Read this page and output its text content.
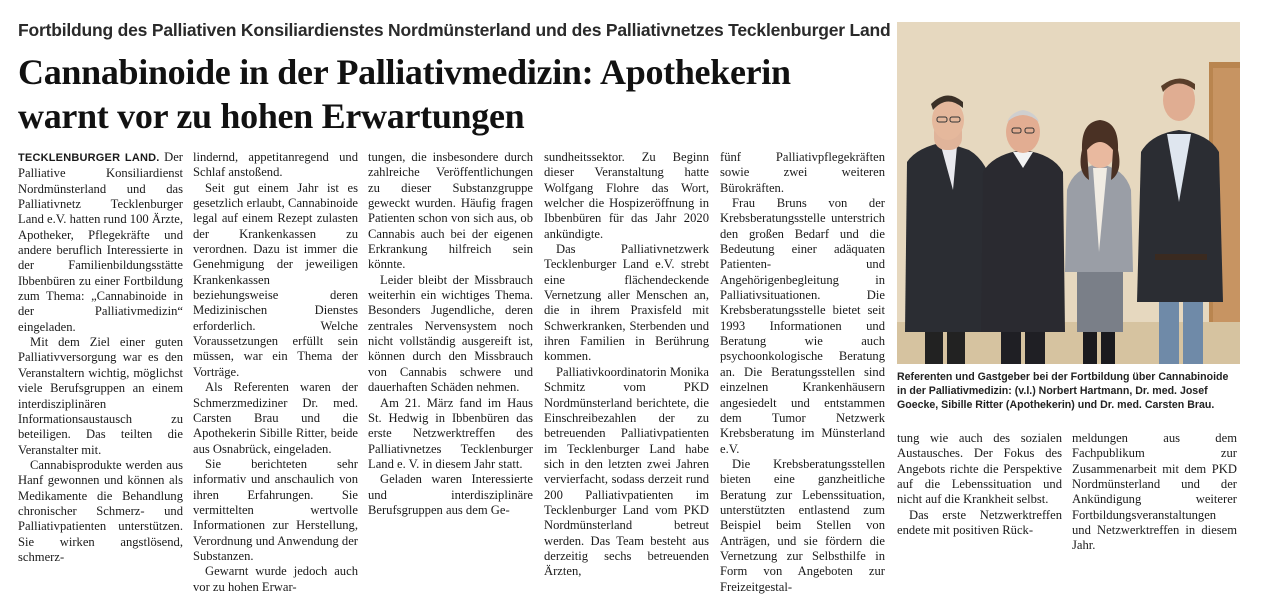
Fortbildung des Palliativen Konsiliardienstes Nordmünsterland und des Palliativnetzes Tecklenburger Land
Cannabinoide in der Palliativmedizin: Apothekerin
warnt vor zu hohen Erwartungen

TECKLENBURGER LAND. Der Palliative Konsiliardienst Nordmünsterland und das Palliativnetz Tecklenburger Land e.V. hatten rund 100 Ärzte, Apotheker, Pflegekräfte und andere beruflich Interessierte in der Familienbildungsstätte Ibbenbüren zu einer Fortbildung zum Thema: „Cannabinoide in der Palliativmedizin“ eingeladen.

Mit dem Ziel einer guten Palliativversorgung war es den Veranstaltern wichtig, möglichst viele Berufsgruppen an einem interdisziplinären Informationsaustausch zu beteiligen. Das teilten die Veranstalter mit.

Cannabisprodukte werden aus Hanf gewonnen und können als Medikamente die Behandlung chronischer Schmerz- und Palliativpatienten unterstützen. Sie wirken angstlösend, schmerz-

lindernd, appetitanregend und Schlaf anstoßend.

Seit gut einem Jahr ist es gesetzlich erlaubt, Cannabinoide legal auf einem Rezept zulasten der Krankenkassen zu verordnen. Dazu ist immer die Genehmigung der jeweiligen Krankenkassen beziehungsweise deren Medizinischen Dienstes erforderlich. Welche Voraussetzungen erfüllt sein müssen, war ein Thema der Vorträge.

Als Referenten waren der Schmerzmediziner Dr. med. Carsten Brau und die Apothekerin Sibille Ritter, beide aus Osnabrück, eingeladen.

Sie berichteten sehr informativ und anschaulich von ihren Erfahrungen. Sie vermittelten wertvolle Informationen zur Herstellung, Verordnung und Anwendung der Substanzen.

Gewarnt wurde jedoch auch vor zu hohen Erwar-

tungen, die insbesondere durch zahlreiche Veröffentlichungen zu dieser Substanzgruppe geweckt wurden. Häufig fragen Patienten schon von sich aus, ob Cannabis auch bei der eigenen Erkrankung hilfreich sein könnte.

Leider bleibt der Missbrauch weiterhin ein wichtiges Thema. Besonders Jugendliche, deren zentrales Nervensystem noch nicht vollständig ausgereift ist, können durch den Missbrauch von Cannabis schwere und dauerhaften Schäden nehmen.

Am 21. März fand im Haus St. Hedwig in Ibbenbüren das erste Netzwerktreffen des Palliativnetzes Tecklenburger Land e. V. in diesem Jahr statt.

Geladen waren Interessierte und interdisziplinäre Berufsgruppen aus dem Ge-

sundheitssektor. Zu Beginn dieser Veranstaltung hatte Wolfgang Flohre das Wort, welcher die Hospizeröffnung in Ibbenbüren für das Jahr 2020 ankündigte.

Das Palliativnetzwerk Tecklenburger Land e.V. strebt eine flächendeckende Vernetzung aller Menschen an, die in ihrem Praxisfeld mit Schwerkranken, Sterbenden und ihren Familien in Berührung kommen.

Palliativkoordinatorin Monika Schmitz vom PKD Nordmünsterland berichtete, die Einschreibezahlen der zu betreuenden Palliativpatienten im Tecklenburger Land habe sich in den letzten zwei Jahren vervierfacht, sodass derzeit rund 200 Palliativpatienten im Tecklenburger Land vom PKD Nordmünsterland betreut werden. Das Team besteht aus derzeitig sechs betreuenden Ärzten,

fünf Palliativpflegekräften sowie zwei weiteren Bürokräften.

Frau Bruns von der Krebsberatungsstelle unterstrich den großen Bedarf und die Bedeutung einer adäquaten Patienten- und Angehörigenbegleitung in Palliativsituationen. Die Krebsberatungsstelle bietet seit 1993 Informationen und Beratung wie auch psychoonkologische Beratung an. Die Beratungsstellen sind einzelnen Krankenhäusern angesiedelt und entstammen dem Tumor Netzwerk Krebsberatung im Münsterland e.V.

Die Krebsberatungsstellen bieten eine ganzheitliche Beratung zur Lebenssituation, unterstützten entlastend zum Beispiel beim Stellen von Anträgen, und sie fördern die Vernetzung zur Selbsthilfe in Form von Angeboten zur Freizeitgestal-

tung wie auch des sozialen Austausches. Der Fokus des Angebots richte die Perspektive auf die Lebenssituation und nicht auf die Krankheit selbst.

Das erste Netzwerktreffen endete mit positiven Rück-

meldungen aus dem Fachpublikum zur Zusammenarbeit mit dem PKD Nordmünsterland und der Ankündigung weiterer Fortbildungsveranstaltungen und Netzwerktreffen in diesem Jahr.

Referenten und Gastgeber bei der Fortbildung über Cannabinoide in der Palliativmedizin: (v.l.) Norbert Hartmann, Dr. med. Josef Goecke, Sibille Ritter (Apothekerin) und Dr. med. Carsten Brau.
